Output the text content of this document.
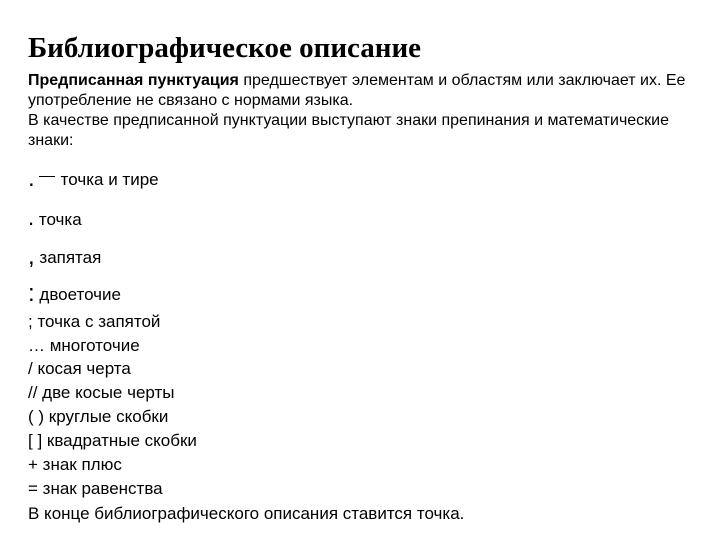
Библиографическое описание

Предписанная пунктуация предшествует элементам и областям или заключает их. Ее употребление не связано с нормами языка.

В качестве предписанной пунктуации выступают знаки препинания и математические знаки:

. точка и тире
. точка
, запятая
: двоеточие
; точка с запятой
… многоточие
/ косая черта
// две косые черты
( ) круглые скобки
[ ] квадратные скобки
+ знак плюс
= знак равенства
В конце библиографического описания ставится точка.
